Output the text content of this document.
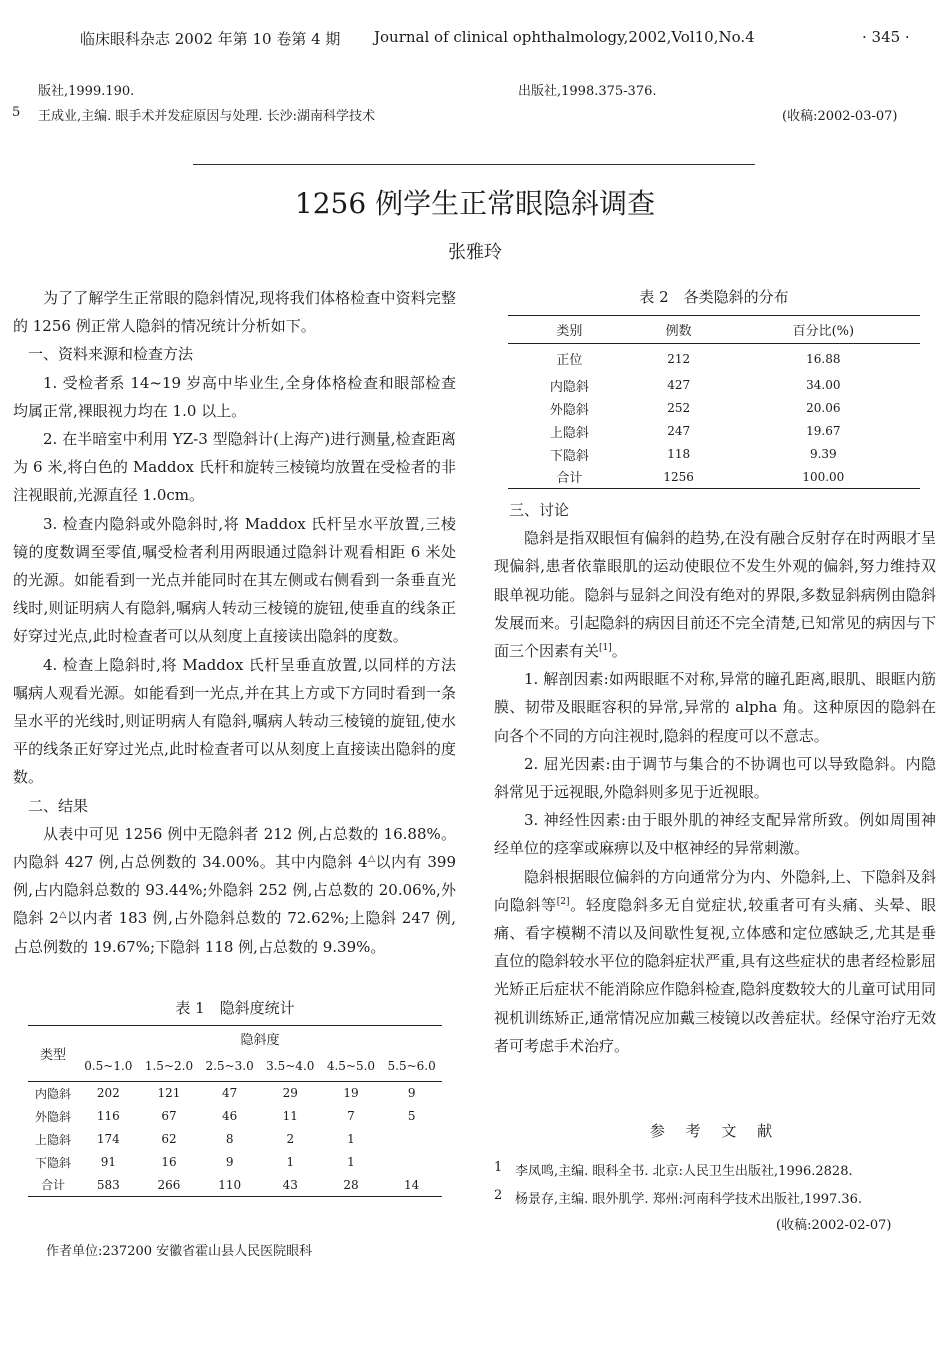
临床眼科杂志 2002 年第 10 卷第 4 期 Journal of clinical ophthalmology,2002,Vol10,No.4	· 345 ·
版社,1999.190.
5 王成业,主编. 眼手术并发症原因与处理. 长沙:湖南科学技术
出版社,1998.375-376.
(收稿:2002-03-07)
1256 例学生正常眼隐斜调查
张雅玲

为了了解学生正常眼的隐斜情况,现将我们体格检查中资料完整的 1256 例正常人隐斜的情况统计分析如下。

一、资料来源和检查方法

1. 受检者系 14~19 岁高中毕业生,全身体格检查和眼部检查均属正常,裸眼视力均在 1.0 以上。

2. 在半暗室中利用 YZ-3 型隐斜计(上海产)进行测量,检查距离为 6 米,将白色的 Maddox 氏杆和旋转三棱镜均放置在受检者的非注视眼前,光源直径 1.0cm。

3. 检查内隐斜或外隐斜时,将 Maddox 氏杆呈水平放置,三棱镜的度数调至零值,嘱受检者利用两眼通过隐斜计观看相距 6 米处的光源。如能看到一光点并能同时在其左侧或右侧看到一条垂直光线时,则证明病人有隐斜,嘱病人转动三棱镜的旋钮,使垂直的线条正好穿过光点,此时检查者可以从刻度上直接读出隐斜的度数。

4. 检查上隐斜时,将 Maddox 氏杆呈垂直放置,以同样的方法嘱病人观看光源。如能看到一光点,并在其上方或下方同时看到一条呈水平的光线时,则证明病人有隐斜,嘱病人转动三棱镜的旋钮,使水平的线条正好穿过光点,此时检查者可以从刻度上直接读出隐斜的度数。

二、结果

从表中可见 1256 例中无隐斜者 212 例,占总数的 16.88%。内隐斜 427 例,占总例数的 34.00%。其中内隐斜 4△以内有 399 例,占内隐斜总数的 93.44%;外隐斜 252 例,占总数的 20.06%,外隐斜 2△以内者 183 例,占外隐斜总数的 72.62%;上隐斜 247 例,占总例数的 19.67%;下隐斜 118 例,占总数的 9.39%。

表 1　隐斜度统计
类型	隐斜度					
	0.5~1.0	1.5~2.0	2.5~3.0	3.5~4.0	4.5~5.0	5.5~6.0
内隐斜	202	121	47	29	19	9
外隐斜	116	67	46	11	7	5
上隐斜	174	62	8	2	1	
下隐斜	91	16	9	1	1	
合计	583	266	110	43	28	14
作者单位:237200 安徽省霍山县人民医院眼科
表 2　各类隐斜的分布
类别	例数	百分比(%)
正位	212	16.88
内隐斜	427	34.00
外隐斜	252	20.06
上隐斜	247	19.67
下隐斜	118	9.39
合计	1256	100.00

三、讨论

隐斜是指双眼恒有偏斜的趋势,在没有融合反射存在时两眼才呈现偏斜,患者依靠眼肌的运动使眼位不发生外观的偏斜,努力维持双眼单视功能。隐斜与显斜之间没有绝对的界限,多数显斜病例由隐斜发展而来。引起隐斜的病因目前还不完全清楚,已知常见的病因与下面三个因素有关[1]。

1. 解剖因素:如两眼眶不对称,异常的瞳孔距离,眼肌、眼眶内筋膜、韧带及眼眶容积的异常,异常的 alpha 角。这种原因的隐斜在向各个不同的方向注视时,隐斜的程度可以不意志。

2. 屈光因素:由于调节与集合的不协调也可以导致隐斜。内隐斜常见于远视眼,外隐斜则多见于近视眼。

3. 神经性因素:由于眼外肌的神经支配异常所致。例如周围神经单位的痉挛或麻痹以及中枢神经的异常刺激。

隐斜根据眼位偏斜的方向通常分为内、外隐斜,上、下隐斜及斜向隐斜等[2]。轻度隐斜多无自觉症状,较重者可有头痛、头晕、眼痛、看字模糊不清以及间歇性复视,立体感和定位感缺乏,尤其是垂直位的隐斜较水平位的隐斜症状严重,具有这些症状的患者经检影屈光矫正后症状不能消除应作隐斜检查,隐斜度数较大的儿童可试用同视机训练矫正,通常情况应加戴三棱镜以改善症状。经保守治疗无效者可考虑手术治疗。

参 考 文 献
1 李凤鸣,主编. 眼科全书. 北京:人民卫生出版社,1996.2828.
2 杨景存,主编. 眼外肌学. 郑州:河南科学技术出版社,1997.36.
(收稿:2002-02-07)
